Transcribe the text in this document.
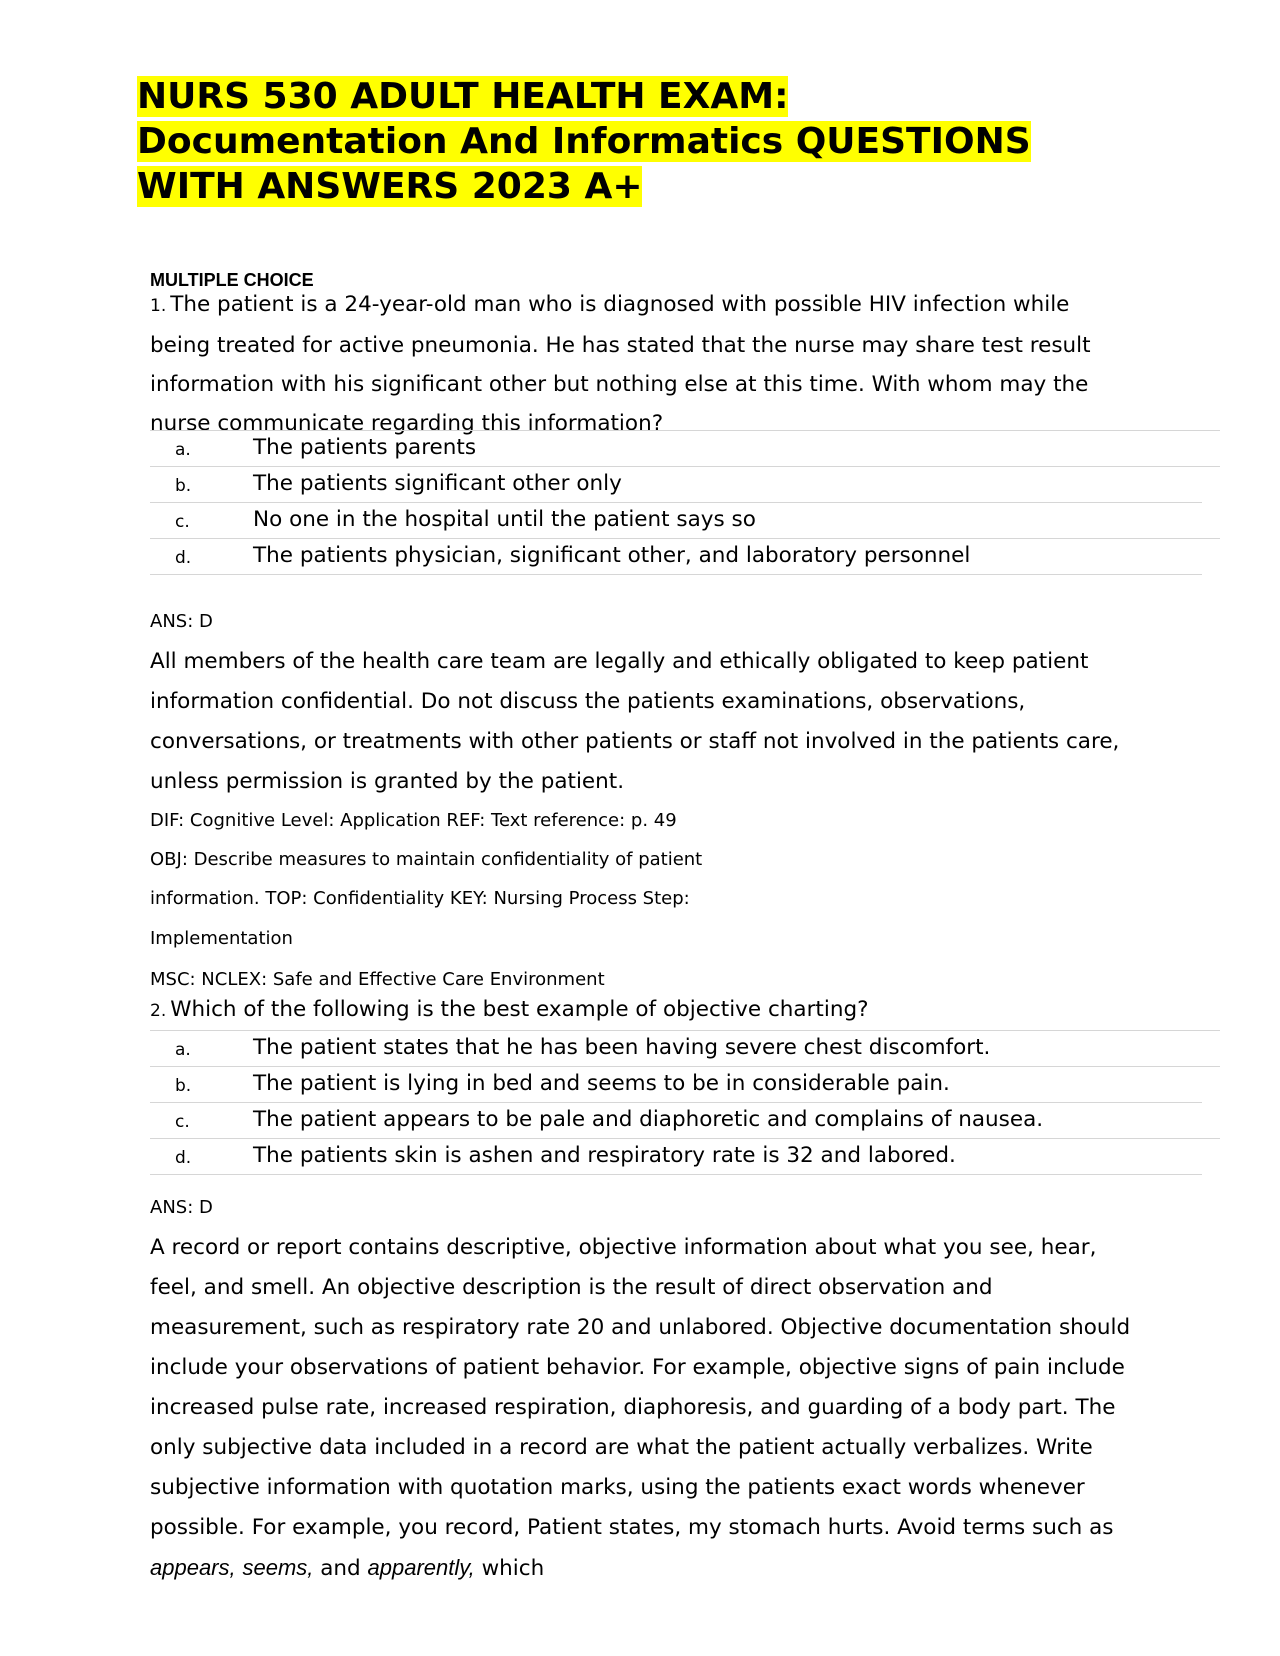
NURS 530 ADULT HEALTH EXAM:
Documentation And Informatics QUESTIONS
WITH ANSWERS 2023 A+
MULTIPLE CHOICE

1. The patient is a 24-year-old man who is diagnosed with possible HIV infection while being treated for active pneumonia. He has stated that the nurse may share test result information with his significant other but nothing else at this time. With whom may the nurse communicate regarding this information?

a.	The patients parents
b.	The patients significant other only
c.	No one in the hospital until the patient says so
d.	The patients physician, significant other, and laboratory personnel
ANS: D

All members of the health care team are legally and ethically obligated to keep patient information confidential. Do not discuss the patients examinations, observations, conversations, or treatments with other patients or staff not involved in the patients care, unless permission is granted by the patient.

DIF: Cognitive Level: Application REF: Text reference: p. 49
OBJ: Describe measures to maintain confidentiality of patient
information. TOP: Confidentiality KEY: Nursing Process Step:
Implementation
MSC: NCLEX: Safe and Effective Care Environment

2. Which of the following is the best example of objective charting?

a.	The patient states that he has been having severe chest discomfort.
b.	The patient is lying in bed and seems to be in considerable pain.
c.	The patient appears to be pale and diaphoretic and complains of nausea.
d.	The patients skin is ashen and respiratory rate is 32 and labored.
ANS: D

A record or report contains descriptive, objective information about what you see, hear, feel, and smell. An objective description is the result of direct observation and measurement, such as respiratory rate 20 and unlabored. Objective documentation should include your observations of patient behavior. For example, objective signs of pain include increased pulse rate, increased respiration, diaphoresis, and guarding of a body part. The only subjective data included in a record are what the patient actually verbalizes. Write subjective information with quotation marks, using the patients exact words whenever possible. For example, you record, Patient states, my stomach hurts. Avoid terms such as appears, seems, and apparently, which
